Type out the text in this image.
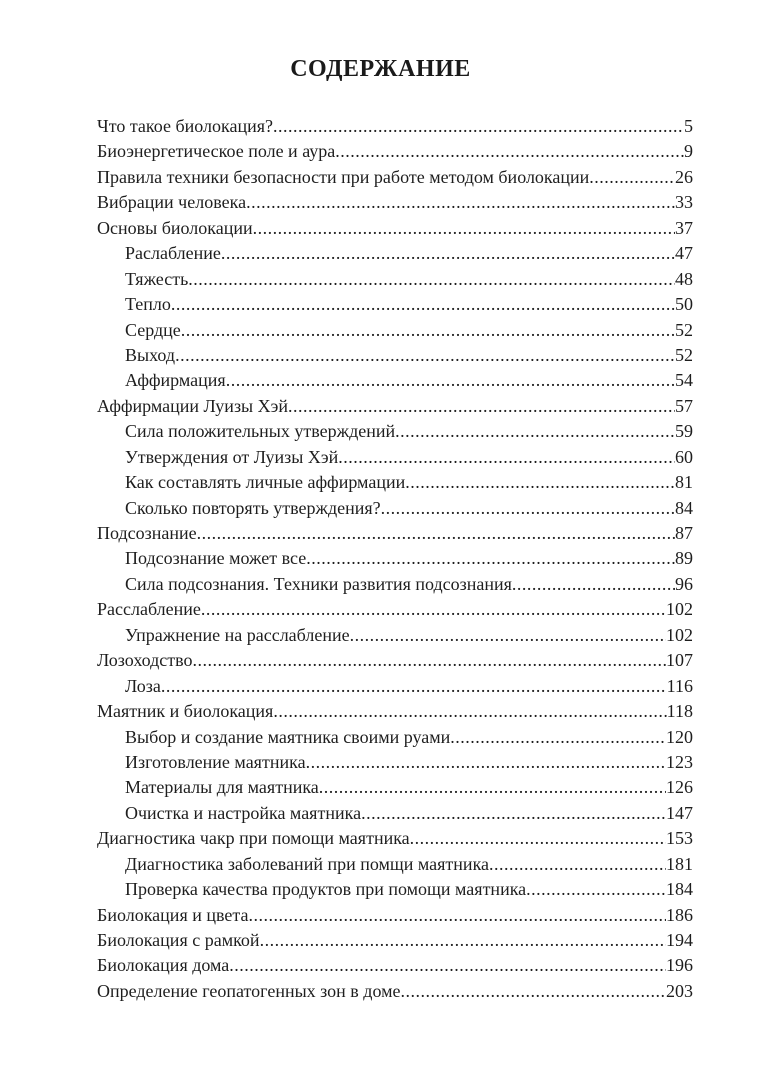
СОДЕРЖАНИЕ
Что такое биолокация? .....	5
Биоэнергетическое поле и аура .....	9
Правила техники безопасности при работе методом биолокации .....	26
Вибрации человека .....	33
Основы биолокации .....	37
Раслабление .....	47
Тяжесть .....	48
Тепло .....	50
Сердце .....	52
Выход .....	52
Аффирмация .....	54
Аффирмации Луизы Хэй .....	57
Сила положительных утверждений .....	59
Утверждения от Луизы Хэй .....	60
Как составлять личные аффирмации .....	81
Сколько повторять утверждения? .....	84
Подсознание .....	87
Подсознание может все .....	89
Сила подсознания. Техники развития подсознания .....	96
Расслабление .....	102
Упражнение на расслабление .....	102
Лозоходство .....	107
Лоза .....	116
Маятник и биолокация .....	118
Выбор и создание маятника своими руами .....	120
Изготовление маятника .....	123
Материалы для маятника .....	126
Очистка и настройка маятника .....	147
Диагностика чакр при помощи маятника .....	153
Диагностика заболеваний при помщи маятника .....	181
Проверка качества продуктов при помощи маятника .....	184
Биолокация и цвета .....	186
Биолокация с рамкой .....	194
Биолокация дома .....	196
Определение геопатогенных зон в доме .....	203
